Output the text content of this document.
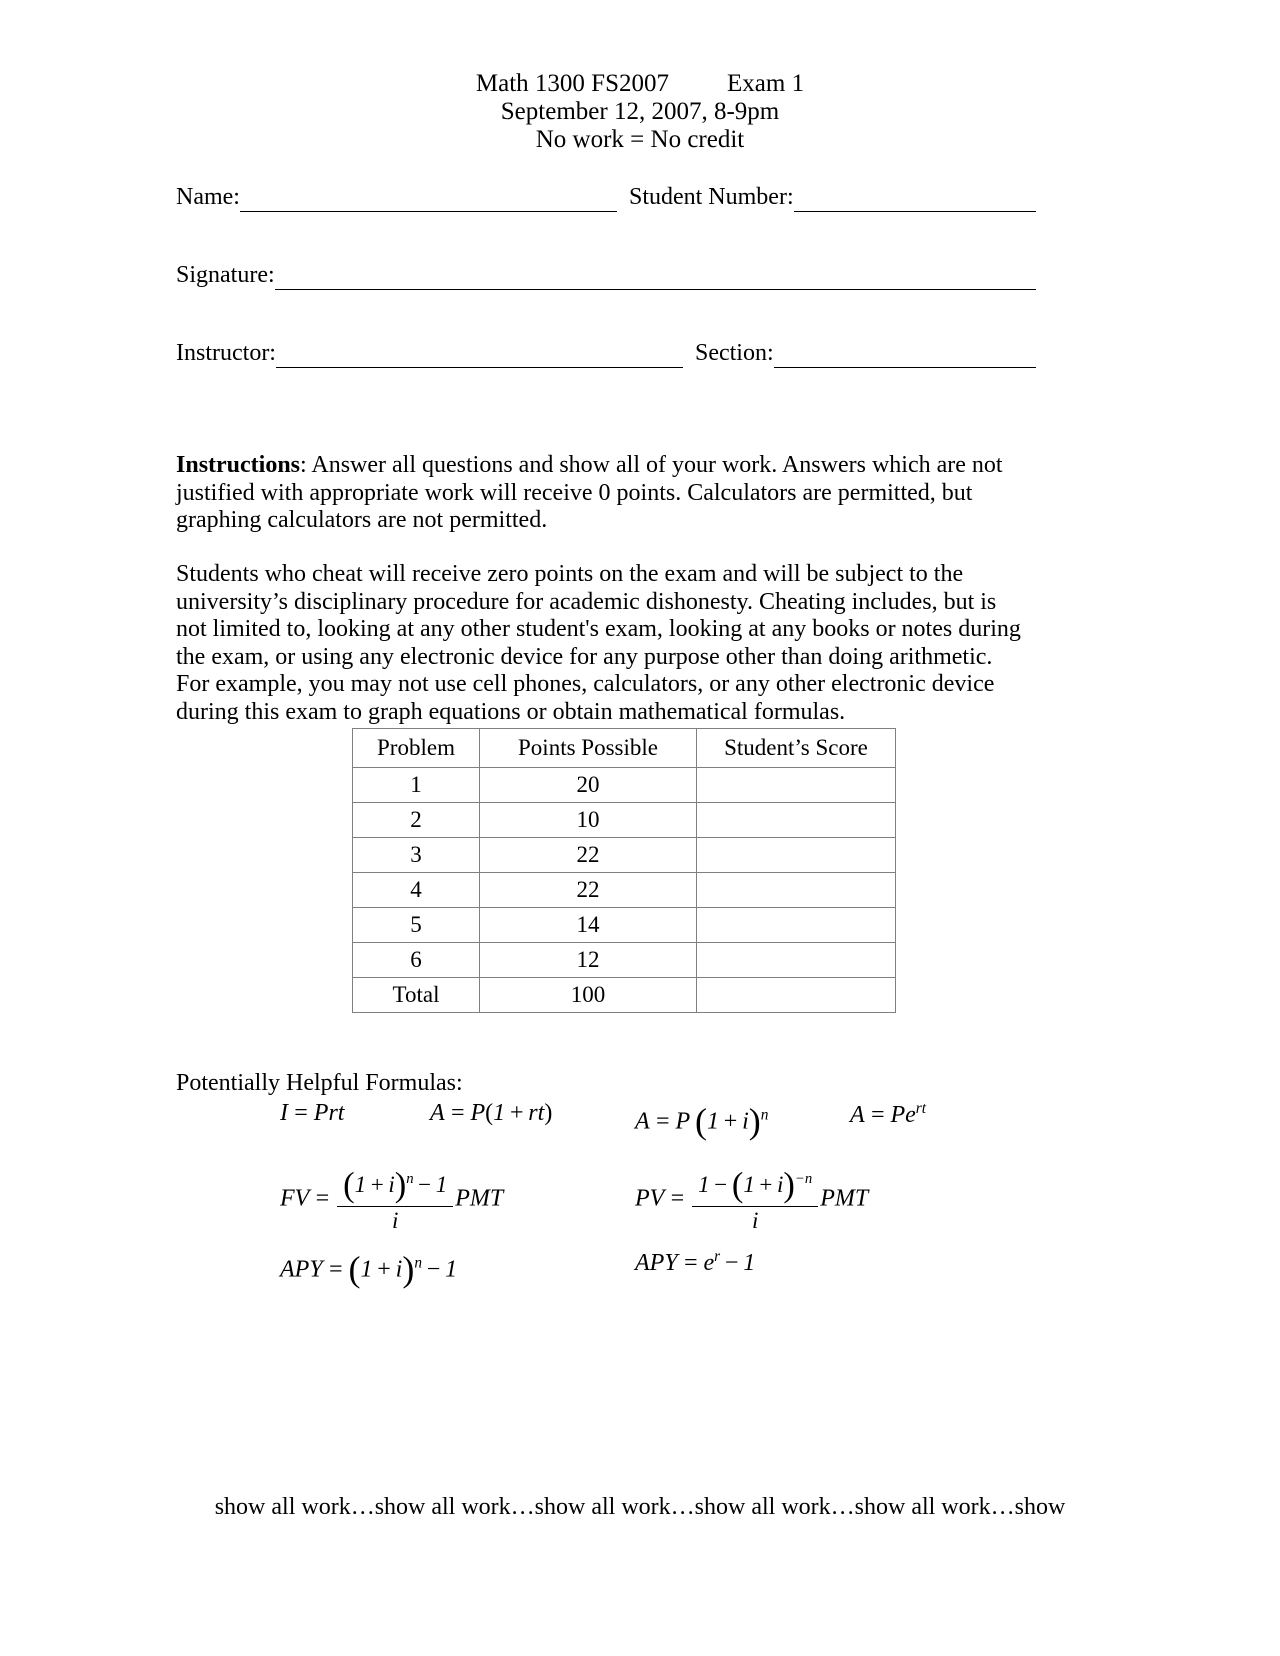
Math 1300 FS2007 Exam 1
September 12, 2007, 8-9pm
No work = No credit
Name:	Student Number:
Signature:
Instructor:	Section:

Instructions: Answer all questions and show all of your work. Answers which are not justified with appropriate work will receive 0 points. Calculators are permitted, but graphing calculators are not permitted.

Students who cheat will receive zero points on the exam and will be subject to the university’s disciplinary procedure for academic dishonesty. Cheating includes, but is not limited to, looking at any other student's exam, looking at any books or notes during the exam, or using any electronic device for any purpose other than doing arithmetic. For example, you may not use cell phones, calculators, or any other electronic device during this exam to graph equations or obtain mathematical formulas.

Problem	Points Possible	Student’s Score
1	20	
2	10	
3	22	
4	22	
5	14	
6	12	
Total	100	
Potentially Helpful Formulas:
I = Prt	A = P(1 + rt)	A = P $(1 + i)^n$	$A = Pe^{rt}$
FV =  $\frac{(1 + i)^n - 1}{i}$ PMT	PV =  $\frac{1 - (1 + i)^{-n}}{i}$ PMT
APY = $(1 + i)^n - 1$	APY = $e^r - 1$
show all work…show all work…show all work…show all work…show all work…show
